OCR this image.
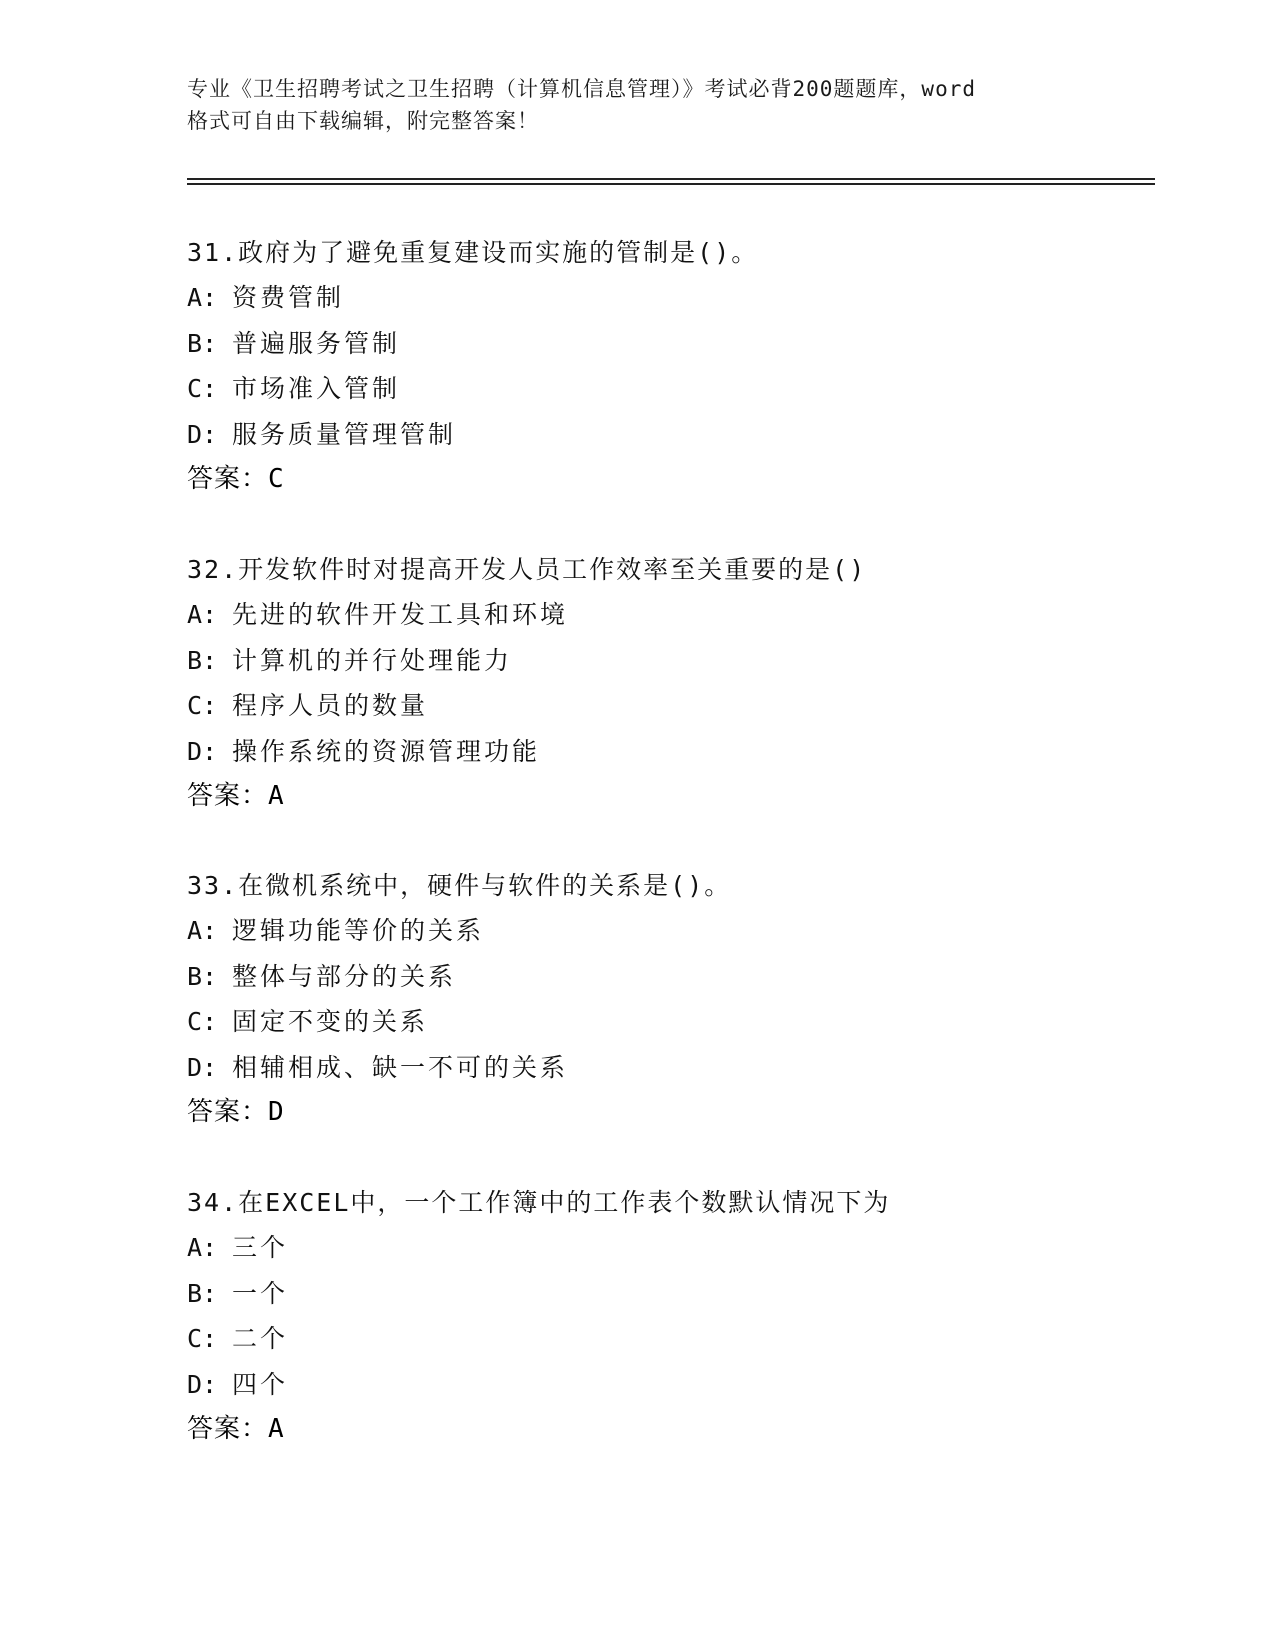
专业《卫生招聘考试之卫生招聘（计算机信息管理）》考试必背200题题库，word
格式可自由下载编辑，附完整答案！
31.政府为了避免重复建设而实施的管制是()。
A: 资费管制
B: 普遍服务管制
C: 市场准入管制
D: 服务质量管理管制
答案：C
32.开发软件时对提高开发人员工作效率至关重要的是()
A: 先进的软件开发工具和环境
B: 计算机的并行处理能力
C: 程序人员的数量
D: 操作系统的资源管理功能
答案：A
33.在微机系统中，硬件与软件的关系是()。
A: 逻辑功能等价的关系
B: 整体与部分的关系
C: 固定不变的关系
D: 相辅相成、缺一不可的关系
答案：D
34.在EXCEL中，一个工作簿中的工作表个数默认情况下为
A: 三个
B: 一个
C: 二个
D: 四个
答案：A
